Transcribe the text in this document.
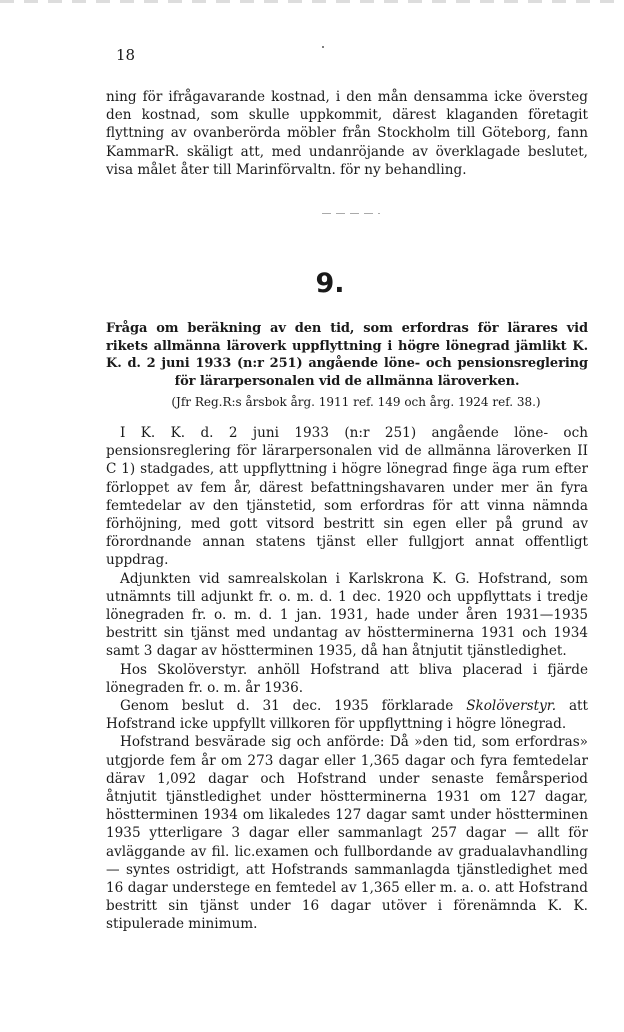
18

ning för ifrågavarande kostnad, i den mån densamma icke översteg den kostnad, som skulle uppkommit, därest klaganden företagit flyttning av ovanberörda möbler från Stockholm till Göteborg, fann KammarR. skäligt att, med undanröjande av överklagade beslutet, visa målet åter till Marinförvaltn. för ny behandling.

9.
Fråga om beräkning av den tid, som erfordras för lärares vid rikets allmänna läroverk uppflyttning i högre lönegrad jämlikt K. K. d. 2 juni 1933 (n:r 251) angående löne- och pensionsreglering för lärarpersonalen vid de allmänna läroverken.
(Jfr Reg.R:s årsbok årg. 1911 ref. 149 och årg. 1924 ref. 38.)

I K. K. d. 2 juni 1933 (n:r 251) angående löne- och pensionsreglering för lärarpersonalen vid de allmänna läroverken II C 1) stadgades, att uppflyttning i högre lönegrad finge äga rum efter förloppet av fem år, därest befattningshavaren under mer än fyra femtedelar av den tjänstetid, som erfordras för att vinna nämnda förhöjning, med gott vitsord bestritt sin egen eller på grund av förordnande annan statens tjänst eller fullgjort annat offentligt uppdrag.

Adjunkten vid samrealskolan i Karlskrona K. G. Hofstrand, som utnämnts till adjunkt fr. o. m. d. 1 dec. 1920 och uppflyttats i tredje lönegraden fr. o. m. d. 1 jan. 1931, hade under åren 1931—1935 bestritt sin tjänst med undantag av höstterminerna 1931 och 1934 samt 3 dagar av höstterminen 1935, då han åtnjutit tjänstledighet.

Hos Skolöverstyr. anhöll Hofstrand att bliva placerad i fjärde lönegraden fr. o. m. år 1936.

Genom beslut d. 31 dec. 1935 förklarade Skolöverstyr. att Hofstrand icke uppfyllt villkoren för uppflyttning i högre lönegrad.

Hofstrand besvärade sig och anförde: Då »den tid, som erfordras» utgjorde fem år om 273 dagar eller 1,365 dagar och fyra femtedelar därav 1,092 dagar och Hofstrand under senaste femårsperiod åtnjutit tjänstledighet under höstterminerna 1931 om 127 dagar, höstterminen 1934 om likaledes 127 dagar samt under höstterminen 1935 ytterligare 3 dagar eller sammanlagt 257 dagar — allt för avläggande av fil. lic.examen och fullbordande av gradualavhandling — syntes ostridigt, att Hofstrands sammanlagda tjänstledighet med 16 dagar understege en femtedel av 1,365 eller m. a. o. att Hofstrand bestritt sin tjänst under 16 dagar utöver i förenämnda K. K. stipulerade minimum.
